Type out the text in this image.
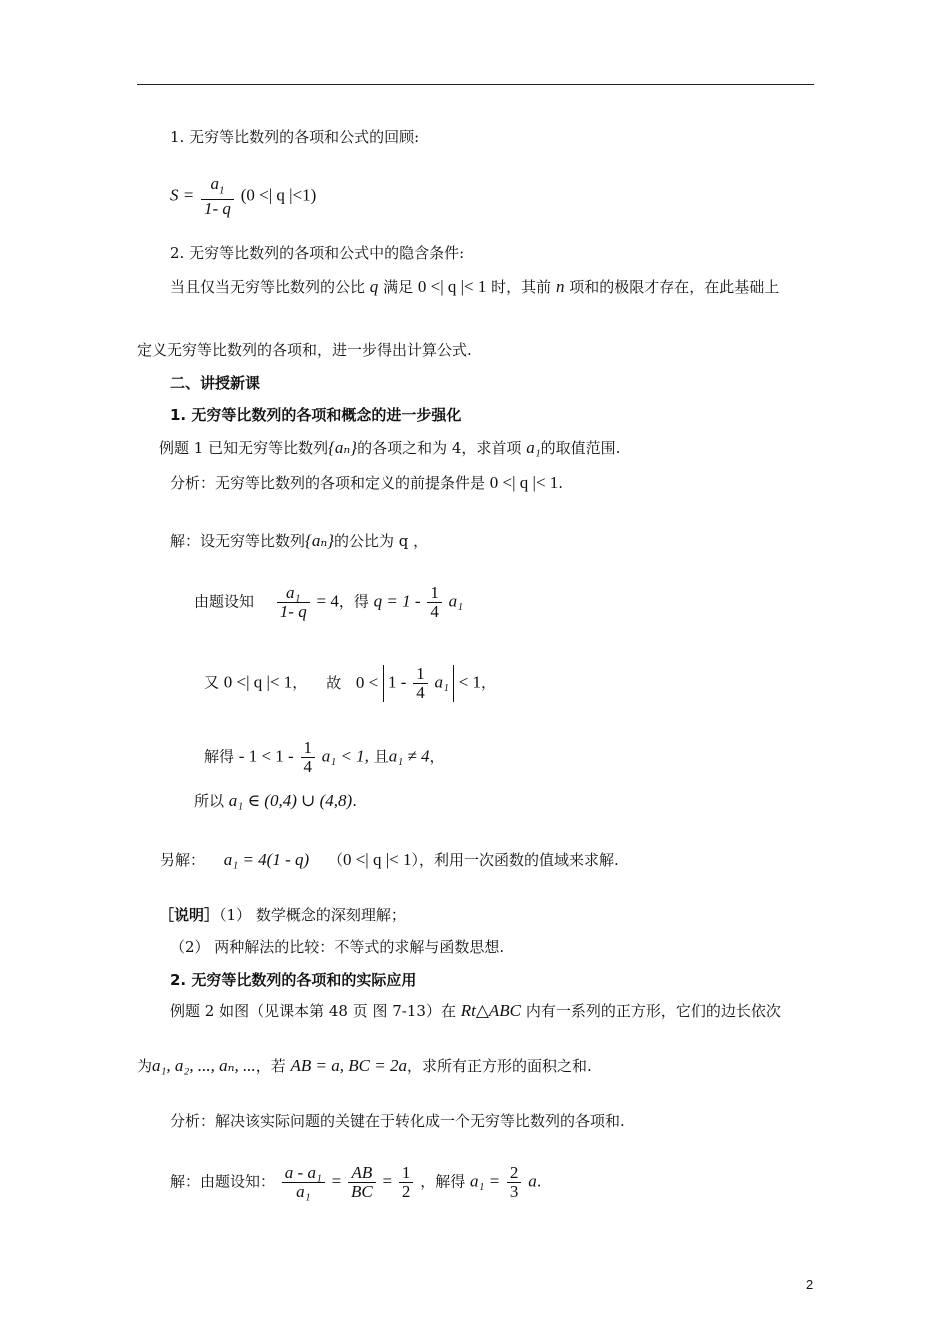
1. 无穷等比数列的各项和公式的回顾:
$S = \frac{a_1}{1- q} (0$ <| q |<1)
2. 无穷等比数列的各项和公式中的隐含条件:
当且仅当无穷等比数列的公比 q 满足 0 <| q |< 1 时，其前 n 项和的极限才存在，在此基础上
定义无穷等比数列的各项和，进一步得出计算公式.
二、讲授新课
1. 无穷等比数列的各项和概念的进一步强化
例题 1 已知无穷等比数列{aₙ}的各项之和为 4，求首项 a₁的取值范围.
分析：无穷等比数列的各项和定义的前提条件是 0 <| q |< 1.
解：设无穷等比数列{aₙ}的公比为 q ，
由题设知 $\frac{\text{a₁}}{1- q} = 4$，得 $q = 1 - \frac{1}{4} a_1$
又 0 <| q |< 1， 故 $0 < 1 - \frac{1}{4} a_1 < 1$，
解得 - $1 < 1 - \frac{1}{4} a_1 < 1$, 且a₁ ≠ 4，
所以 a₁ ∈ (0,4) ∪ (4,8).
另解： a₁ = 4(1 - q) （0 <| q |< 1），利用一次函数的值域来求解.
［说明］（1） 数学概念的深刻理解；
（2） 两种解法的比较：不等式的求解与函数思想.
2. 无穷等比数列的各项和的实际应用
例题 2 如图（见课本第 48 页 图 7-13）在 Rt△ABC 内有一系列的正方形，它们的边长依次
为a₁, a₂, ..., aₙ, ...，若 AB = a, BC = 2a，求所有正方形的面积之和.
分析：解决该实际问题的关键在于转化成一个无穷等比数列的各项和.
解：由题设知： $\frac{\text{a - a₁}}{\text{a₁}} = \frac{AB}{BC} = \frac{1}{2}$ ，解得 $a_1 = \frac{2}{3} a$.
2
